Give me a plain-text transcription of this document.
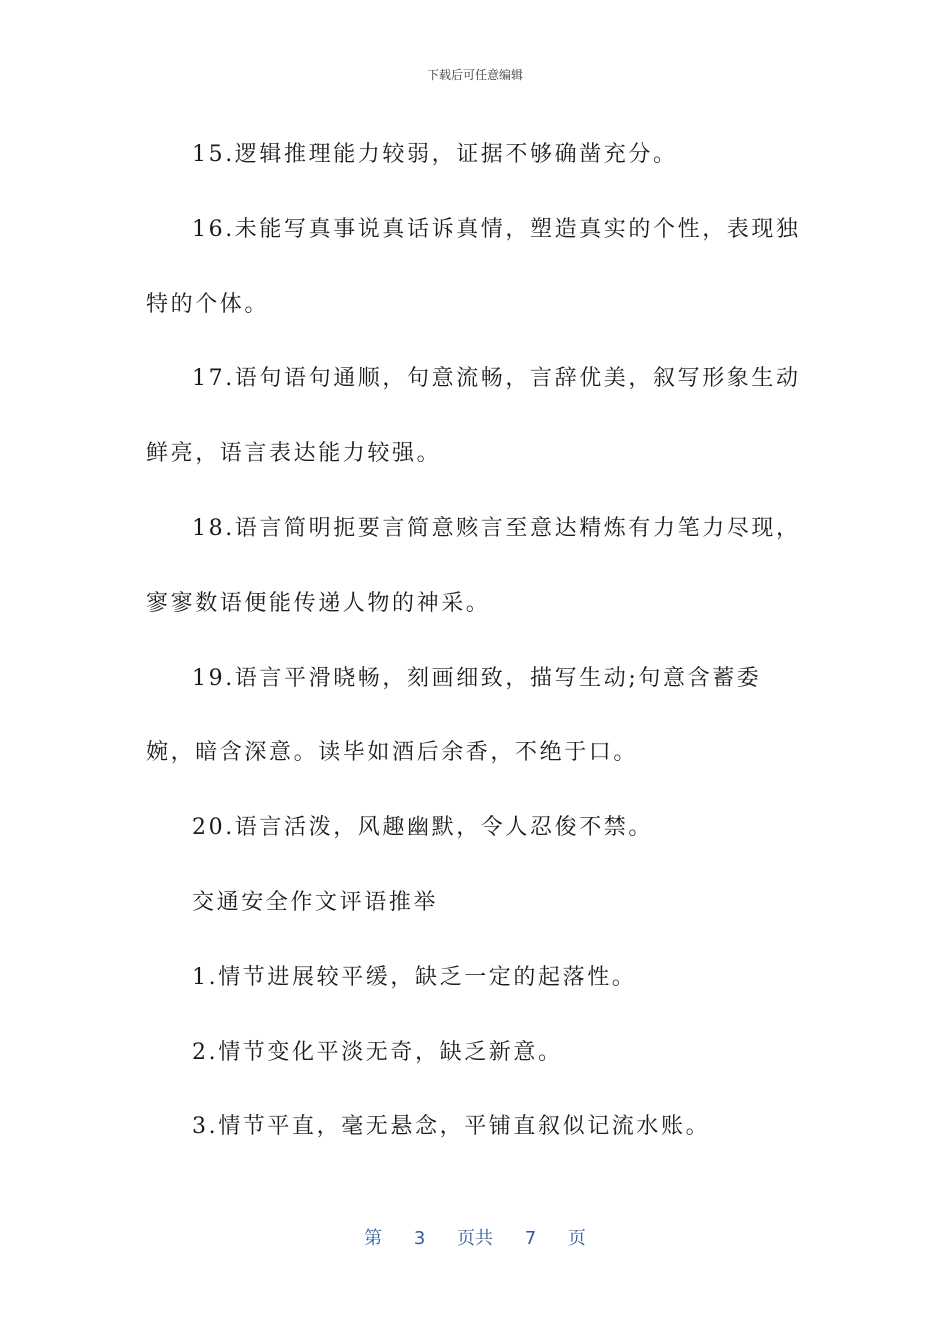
下载后可任意编辑

15.逻辑推理能力较弱，证据不够确凿充分。

16.未能写真事说真话诉真情，塑造真实的个性，表现独特的个体。

17.语句语句通顺，句意流畅，言辞优美，叙写形象生动鲜亮，语言表达能力较强。

18.语言简明扼要言简意赅言至意达精炼有力笔力尽现，寥寥数语便能传递人物的神采。

19.语言平滑晓畅，刻画细致，描写生动;句意含蓄委婉，暗含深意。读毕如酒后余香，不绝于口。

20.语言活泼，风趣幽默，令人忍俊不禁。

交通安全作文评语推举

1.情节进展较平缓，缺乏一定的起落性。

2.情节变化平淡无奇，缺乏新意。

3.情节平直，毫无悬念，平铺直叙似记流水账。

第 3 页共 7 页
